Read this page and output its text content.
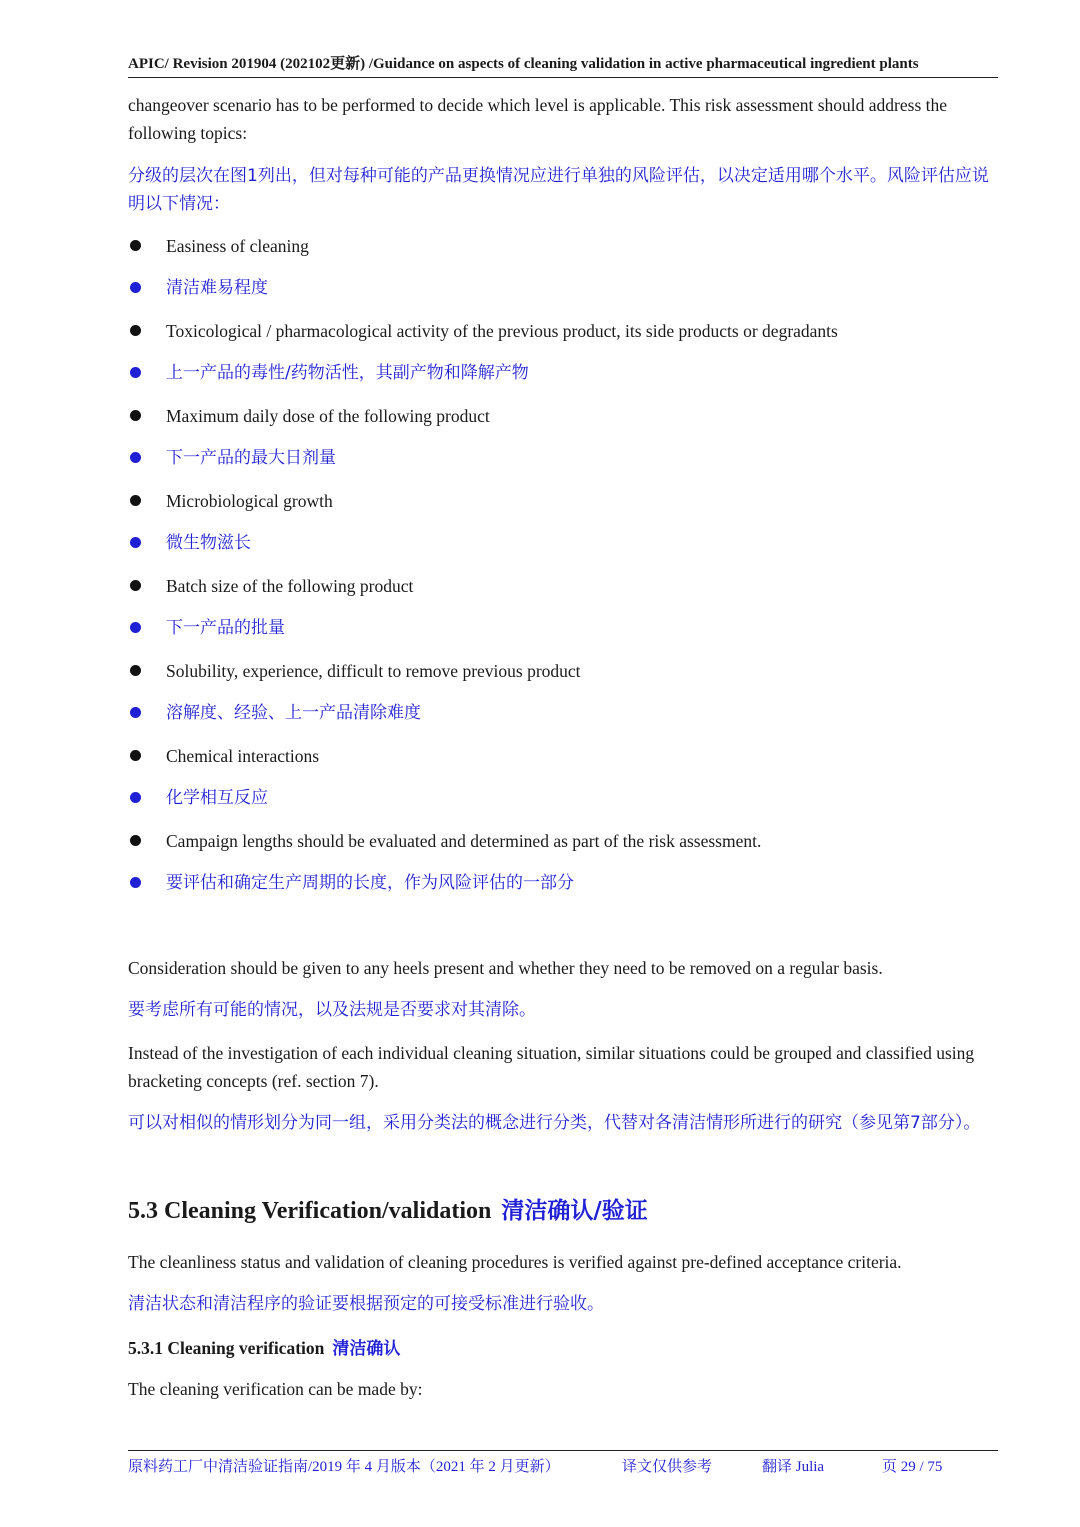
APIC/ Revision 201904 (202102更新) /Guidance on aspects of cleaning validation in active pharmaceutical ingredient plants
changeover scenario has to be performed to decide which level is applicable. This risk assessment should address the following topics:
分级的层次在图1列出，但对每种可能的产品更换情况应进行单独的风险评估，以决定适用哪个水平。风险评估应说明以下情况：
Easiness of cleaning
清洁难易程度
Toxicological / pharmacological activity of the previous product, its side products or degradants
上一产品的毒性/药物活性，其副产物和降解产物
Maximum daily dose of the following product
下一产品的最大日剂量
Microbiological growth
微生物滋长
Batch size of the following product
下一产品的批量
Solubility, experience, difficult to remove previous product
溶解度、经验、上一产品清除难度
Chemical interactions
化学相互反应
Campaign lengths should be evaluated and determined as part of the risk assessment.
要评估和确定生产周期的长度，作为风险评估的一部分
Consideration should be given to any heels present and whether they need to be removed on a regular basis.
要考虑所有可能的情况，以及法规是否要求对其清除。
Instead of the investigation of each individual cleaning situation, similar situations could be grouped and classified using bracketing concepts (ref. section 7).
可以对相似的情形划分为同一组，采用分类法的概念进行分类，代替对各清洁情形所进行的研究（参见第7部分）。
5.3 Cleaning Verification/validation 清洁确认/验证
The cleanliness status and validation of cleaning procedures is verified against pre-defined acceptance criteria.
清洁状态和清洁程序的验证要根据预定的可接受标准进行验收。
5.3.1 Cleaning verification 清洁确认
The cleaning verification can be made by:
原料药工厂中清洁验证指南/2019 年 4 月版本（2021 年 2 月更新）	译文仅供参考	翻译 Julia	页 29 / 75
